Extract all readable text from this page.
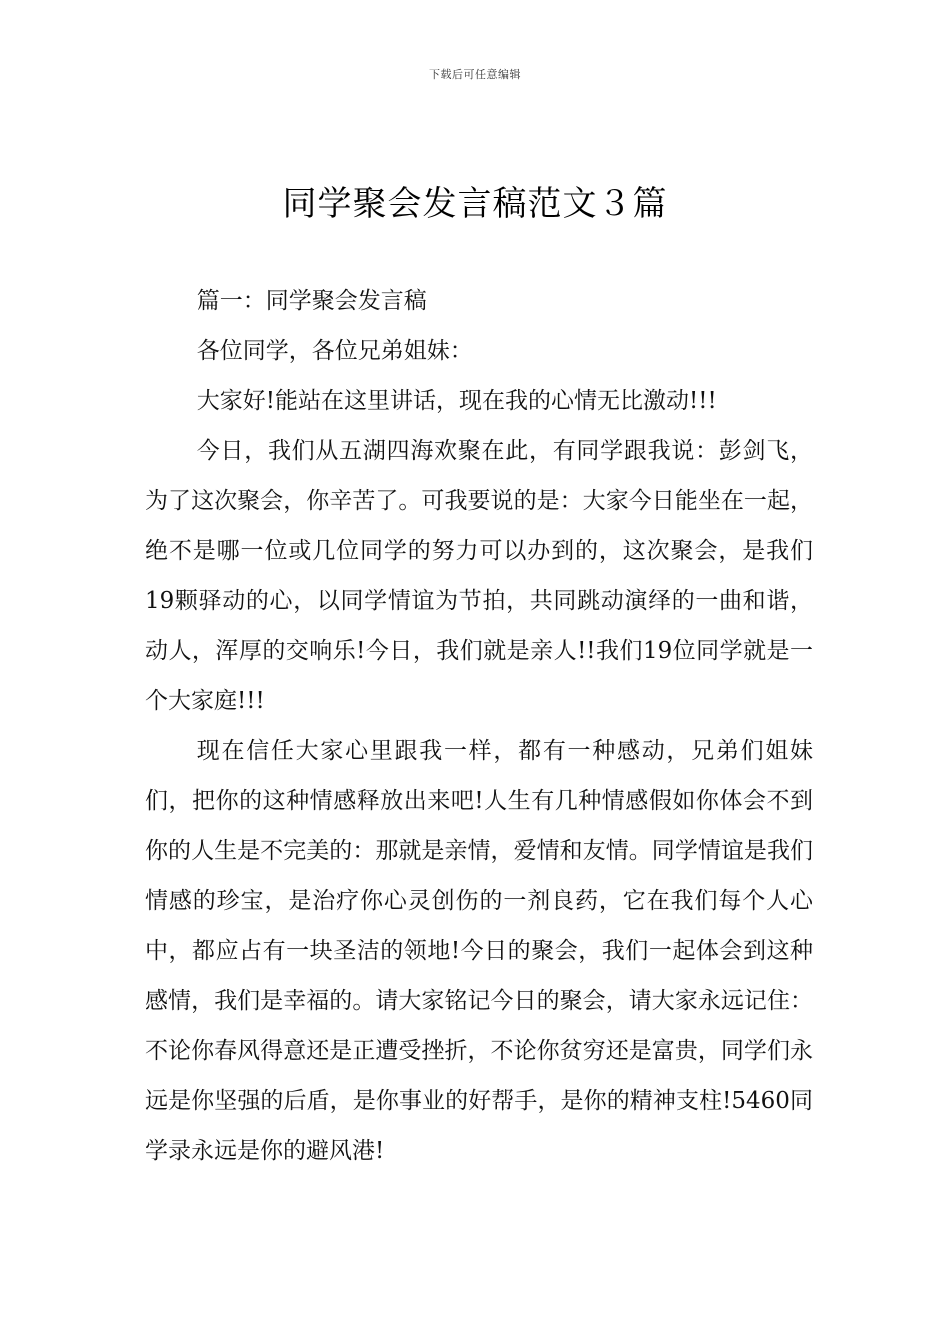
下载后可任意编辑
同学聚会发言稿范文３篇

篇一：同学聚会发言稿

各位同学，各位兄弟姐妹：

大家好!能站在这里讲话，现在我的心情无比激动!!!

今日，我们从五湖四海欢聚在此，有同学跟我说：彭剑飞，为了这次聚会，你辛苦了。可我要说的是：大家今日能坐在一起，绝不是哪一位或几位同学的努力可以办到的，这次聚会，是我们19颗驿动的心，以同学情谊为节拍，共同跳动演绎的一曲和谐，动人，浑厚的交响乐!今日，我们就是亲人!!我们19位同学就是一个大家庭!!!

现在信任大家心里跟我一样，都有一种感动，兄弟们姐妹们，把你的这种情感释放出来吧!人生有几种情感假如你体会不到你的人生是不完美的：那就是亲情，爱情和友情。同学情谊是我们情感的珍宝，是治疗你心灵创伤的一剂良药，它在我们每个人心中，都应占有一块圣洁的领地!今日的聚会，我们一起体会到这种感情，我们是幸福的。请大家铭记今日的聚会，请大家永远记住：不论你春风得意还是正遭受挫折，不论你贫穷还是富贵，同学们永远是你坚强的后盾，是你事业的好帮手，是你的精神支柱!5460同学录永远是你的避风港!
